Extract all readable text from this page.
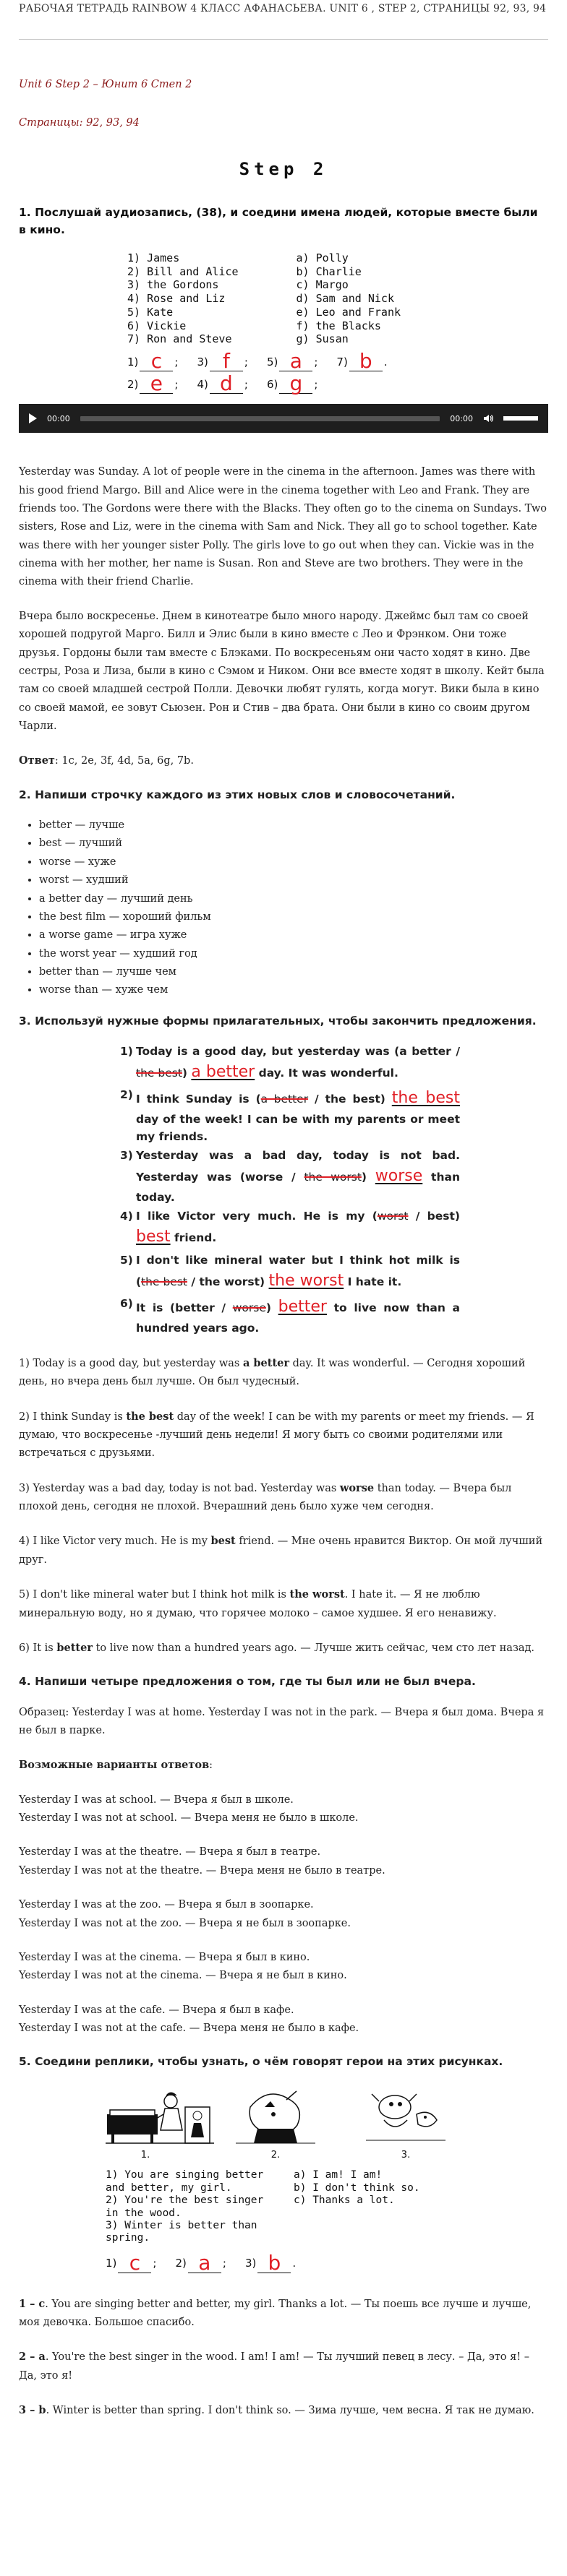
РАБОЧАЯ ТЕТРАДЬ RAINBOW 4 КЛАСС АФАНАСЬЕВА. UNIT 6 , STEP 2, СТРАНИЦЫ 92, 93, 94

Unit 6 Step 2 – Юнит 6 Степ 2

Страницы: 92, 93, 94

Step 2
1. Послушай аудиозапись, (38), и соедини имена людей, которые вместе были в кино.
1) James
2) Bill and Alice
3) the Gordons
4) Rose and Liz
5) Kate
6) Vickie
7) Ron and Steve
a) Polly
b) Charlie
c) Margo
d) Sam and Nick
e) Leo and Frank
f) the Blacks
g) Susan
1) c	; 3) f	; 5) a	; 7) b	.
2) e	; 4) d	; 6) g	;
00:00	00:00

Yesterday was Sunday. A lot of people were in the cinema in the afternoon. James was there with his good friend Margo. Bill and Alice were in the cinema together with Leo and Frank. They are friends too. The Gordons were there with the Blacks. They often go to the cinema on Sundays. Two sisters, Rose and Liz, were in the cinema with Sam and Nick. They all go to school together. Kate was there with her younger sister Polly. The girls love to go out when they can. Vickie was in the cinema with her mother, her name is Susan. Ron and Steve are two brothers. They were in the cinema with their friend Charlie.

Вчера было воскресенье. Днем в кинотеатре было много народу. Джеймс был там со своей хорошей подругой Марго. Билл и Элис были в кино вместе с Лео и Фрэнком. Они тоже друзья. Гордоны были там вместе с Блэками. По воскресеньям они часто ходят в кино. Две сестры, Роза и Лиза, были в кино с Сэмом и Ником. Они все вместе ходят в школу. Кейт была там со своей младшей сестрой Полли. Девочки любят гулять, когда могут. Вики была в кино со своей мамой, ее зовут Сьюзен. Рон и Стив – два брата. Они были в кино со своим другом Чарли.

Ответ: 1c, 2e, 3f, 4d, 5a, 6g, 7b.

2. Напиши строчку каждого из этих новых слов и словосочетаний.
• better — лучше
• best — лучший
• worse — хуже
• worst — худший
• a better day — лучший день
• the best film — хороший фильм
• a worse game — игра хуже
• the worst year — худший год
• better than — лучше чем
• worse than — хуже чем
3. Используй нужные формы прилагательных, чтобы закончить предложения.
1) Today is a good day, but yesterday was (a better / the best) a better day. It was wonderful.
2) I think Sunday is (a better / the best) the best day of the week! I can be with my parents or meet my friends.
3) Yesterday was a bad day, today is not bad. Yesterday was (worse / the worst) worse than today.
4) I like Victor very much. He is my (worst / best) best friend.
5) I don't like mineral water but I think hot milk is (the best / the worst) the worst I hate it.
6) It is (better / worse) better to live now than a hundred years ago.

1) Today is a good day, but yesterday was a better day. It was wonderful. — Сегодня хороший день, но вчера день был лучше. Он был чудесный.

2) I think Sunday is the best day of the week! I can be with my parents or meet my friends. — Я думаю, что воскресенье -лучший день недели! Я могу быть со своими родителями или встречаться с друзьями.

3) Yesterday was a bad day, today is not bad. Yesterday was worse than today. — Вчера был плохой день, сегодня не плохой. Вчерашний день было хуже чем сегодня.

4) I like Victor very much. He is my best friend. — Мне очень нравится Виктор. Он мой лучший друг.

5) I don't like mineral water but I think hot milk is the worst. I hate it. — Я не люблю минеральную воду, но я думаю, что горячее молоко – самое худшее. Я его ненавижу.

6) It is better to live now than a hundred years ago. — Лучше жить сейчас, чем сто лет назад.

4. Напиши четыре предложения о том, где ты был или не был вчера.

Образец: Yesterday I was at home. Yesterday I was not in the park. — Вчера я был дома. Вчера я не был в парке.

Возможные варианты ответов:

Yesterday I was at school. — Вчера я был в школе.
Yesterday I was not at school. — Вчера меня не было в школе.

Yesterday I was at the theatre. — Вчера я был в театре.
Yesterday I was not at the theatre. — Вчера меня не было в театре.

Yesterday I was at the zoo. — Вчера я был в зоопарке.
Yesterday I was not at the zoo. — Вчера я не был в зоопарке.

Yesterday I was at the cinema. — Вчера я был в кино.
Yesterday I was not at the cinema. — Вчера я не был в кино.

Yesterday I was at the cafe. — Вчера я был в кафе.
Yesterday I was not at the cafe. — Вчера меня не было в кафе.

5. Соедини реплики, чтобы узнать, о чём говорят герои на этих рисунках.
1.	2.	3.
1) You are singing better and better, my girl.
2) You're the best singer in the wood.
3) Winter is better than spring.
a) I am! I am!
b) I don't think so.
c) Thanks a lot.
1) c	; 2) a	; 3) b	.

1 – c. You are singing better and better, my girl. Thanks a lot. — Ты поешь все лучше и лучше, моя девочка. Большое спасибо.

2 – a. You're the best singer in the wood. I am! I am! — Ты лучший певец в лесу. – Да, это я! – Да, это я!

3 – b. Winter is better than spring. I don't think so. — Зима лучше, чем весна. Я так не думаю.
